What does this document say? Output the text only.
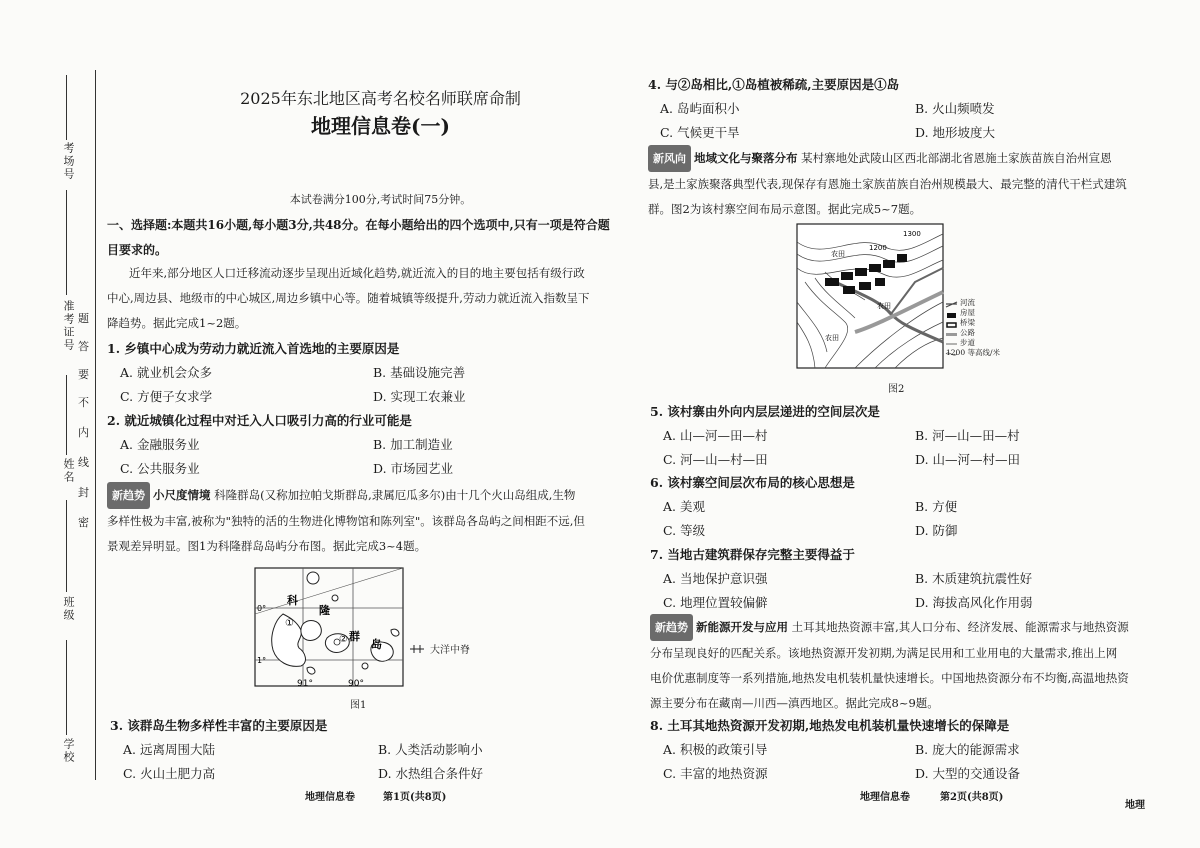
考场号
准考证号
姓名
班级
学校
题
答
要
不
内
线
封
密
2025年东北地区高考名校名师联席命制
地理信息卷(一)
本试卷满分100分,考试时间75分钟。
一、选择题:本题共16小题,每小题3分,共48分。在每小题给出的四个选项中,只有一项是符合题
目要求的。
近年来,部分地区人口迁移流动逐步呈现出近域化趋势,就近流入的目的地主要包括有级行政
中心,周边县、地级市的中心城区,周边乡镇中心等。随着城镇等级提升,劳动力就近流入指数呈下
降趋势。据此完成1~2题。
1. 乡镇中心成为劳动力就近流入首选地的主要原因是
A. 就业机会众多	B. 基础设施完善
C. 方便子女求学	D. 实现工农兼业
2. 就近城镇化过程中对迁入人口吸引力高的行业可能是
A. 金融服务业	B. 加工制造业
C. 公共服务业	D. 市场园艺业
新趋势 小尺度情境 科隆群岛(又称加拉帕戈斯群岛,隶属厄瓜多尔)由十几个火山岛组成,生物
多样性极为丰富,被称为"独特的活的生物进化博物馆和陈列室"。该群岛各岛屿之间相距不远,但
景观差异明显。图1为科隆群岛岛屿分布图。据此完成3~4题。
0°
1°
91°	90°
①
②
科
隆
群
岛	大洋中脊
图1
3. 该群岛生物多样性丰富的主要原因是
A. 远离周围大陆	B. 人类活动影响小
C. 火山土肥力高	D. 水热组合条件好
地理信息卷	第1页(共8页)
4. 与②岛相比,①岛植被稀疏,主要原因是①岛
A. 岛屿面积小	B. 火山频喷发
C. 气候更干旱	D. 地形坡度大
新风向 地域文化与聚落分布 某村寨地处武陵山区西北部湖北省恩施土家族苗族自治州宣恩
县,是土家族聚落典型代表,现保存有恩施土家族苗族自治州规模最大、最完整的清代干栏式建筑
群。图2为该村寨空间布局示意图。据此完成5~7题。
1200
1300
农田
农田
农田
河流
房屋
桥梁
公路
步道
1200 等高线/米
图2
5. 该村寨由外向内层层递进的空间层次是
A. 山—河—田—村	B. 河—山—田—村
C. 河—山—村—田	D. 山—河—村—田
6. 该村寨空间层次布局的核心思想是
A. 美观	B. 方便
C. 等级	D. 防御
7. 当地古建筑群保存完整主要得益于
A. 当地保护意识强	B. 木质建筑抗震性好
C. 地理位置较偏僻	D. 海拔高风化作用弱
新趋势 新能源开发与应用 土耳其地热资源丰富,其人口分布、经济发展、能源需求与地热资源
分布呈现良好的匹配关系。该地热资源开发初期,为满足民用和工业用电的大量需求,推出上网
电价优惠制度等一系列措施,地热发电机装机量快速增长。中国地热资源分布不均衡,高温地热资
源主要分布在藏南—川西—滇西地区。据此完成8~9题。
8. 土耳其地热资源开发初期,地热发电机装机量快速增长的保障是
A. 积极的政策引导	B. 庞大的能源需求
C. 丰富的地热资源	D. 大型的交通设备
地理信息卷	第2页(共8页)
地理
